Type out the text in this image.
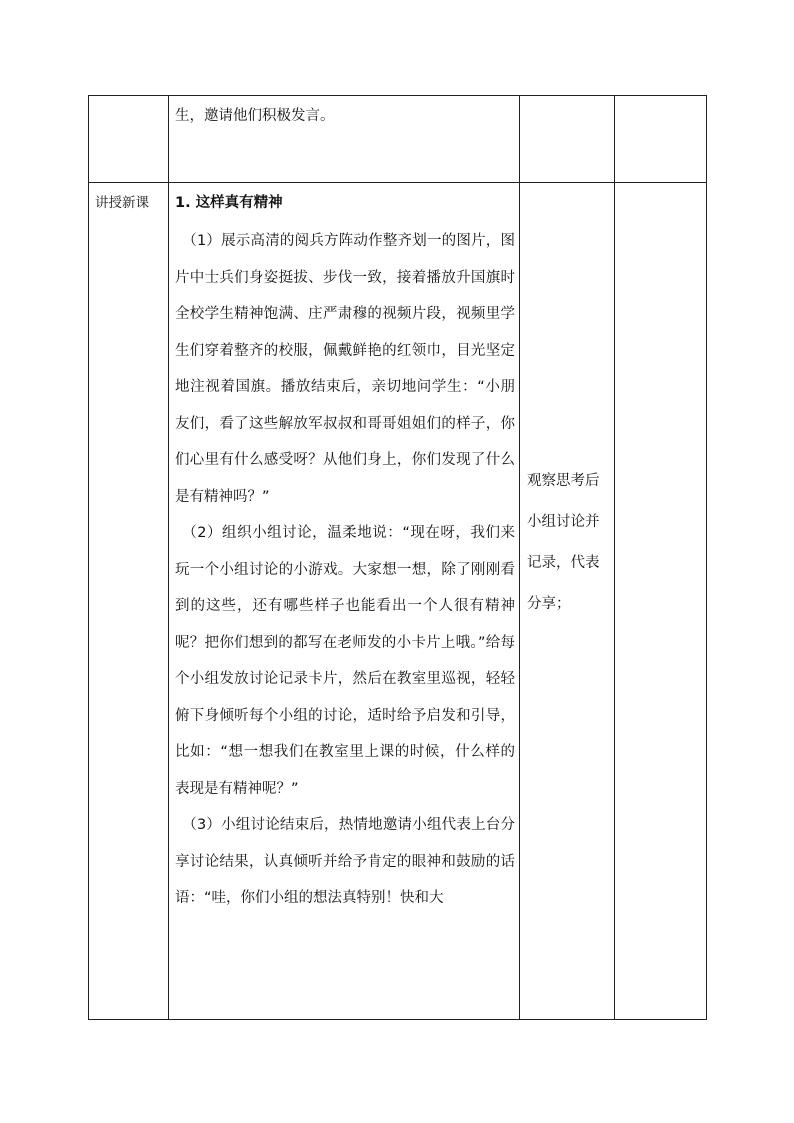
	生，邀请他们积极发言。		

讲授新课	1. 这样真有精神

（1）展示高清的阅兵方阵动作整齐划一的图片，图片中士兵们身姿挺拔、步伐一致，接着播放升国旗时全校学生精神饱满、庄严肃穆的视频片段，视频里学生们穿着整齐的校服，佩戴鲜艳的红领巾，目光坚定地注视着国旗。播放结束后，亲切地问学生：“小朋友们，看了这些解放军叔叔和哥哥姐姐们的样子，你们心里有什么感受呀？从他们身上，你们发现了什么是有精神吗？”

（2）组织小组讨论，温柔地说：“现在呀，我们来玩一个小组讨论的小游戏。大家想一想，除了刚刚看到的这些，还有哪些样子也能看出一个人很有精神呢？把你们想到的都写在老师发的小卡片上哦。”给每个小组发放讨论记录卡片，然后在教室里巡视，轻轻俯下身倾听每个小组的讨论，适时给予启发和引导，比如：“想一想我们在教室里上课的时候，什么样的表现是有精神呢？”

（3）小组讨论结束后，热情地邀请小组代表上台分享讨论结果，认真倾听并给予肯定的眼神和鼓励的话语：“哇，你们小组的想法真特别！快和大	观察思考后小组讨论并记录，代表分享；	
